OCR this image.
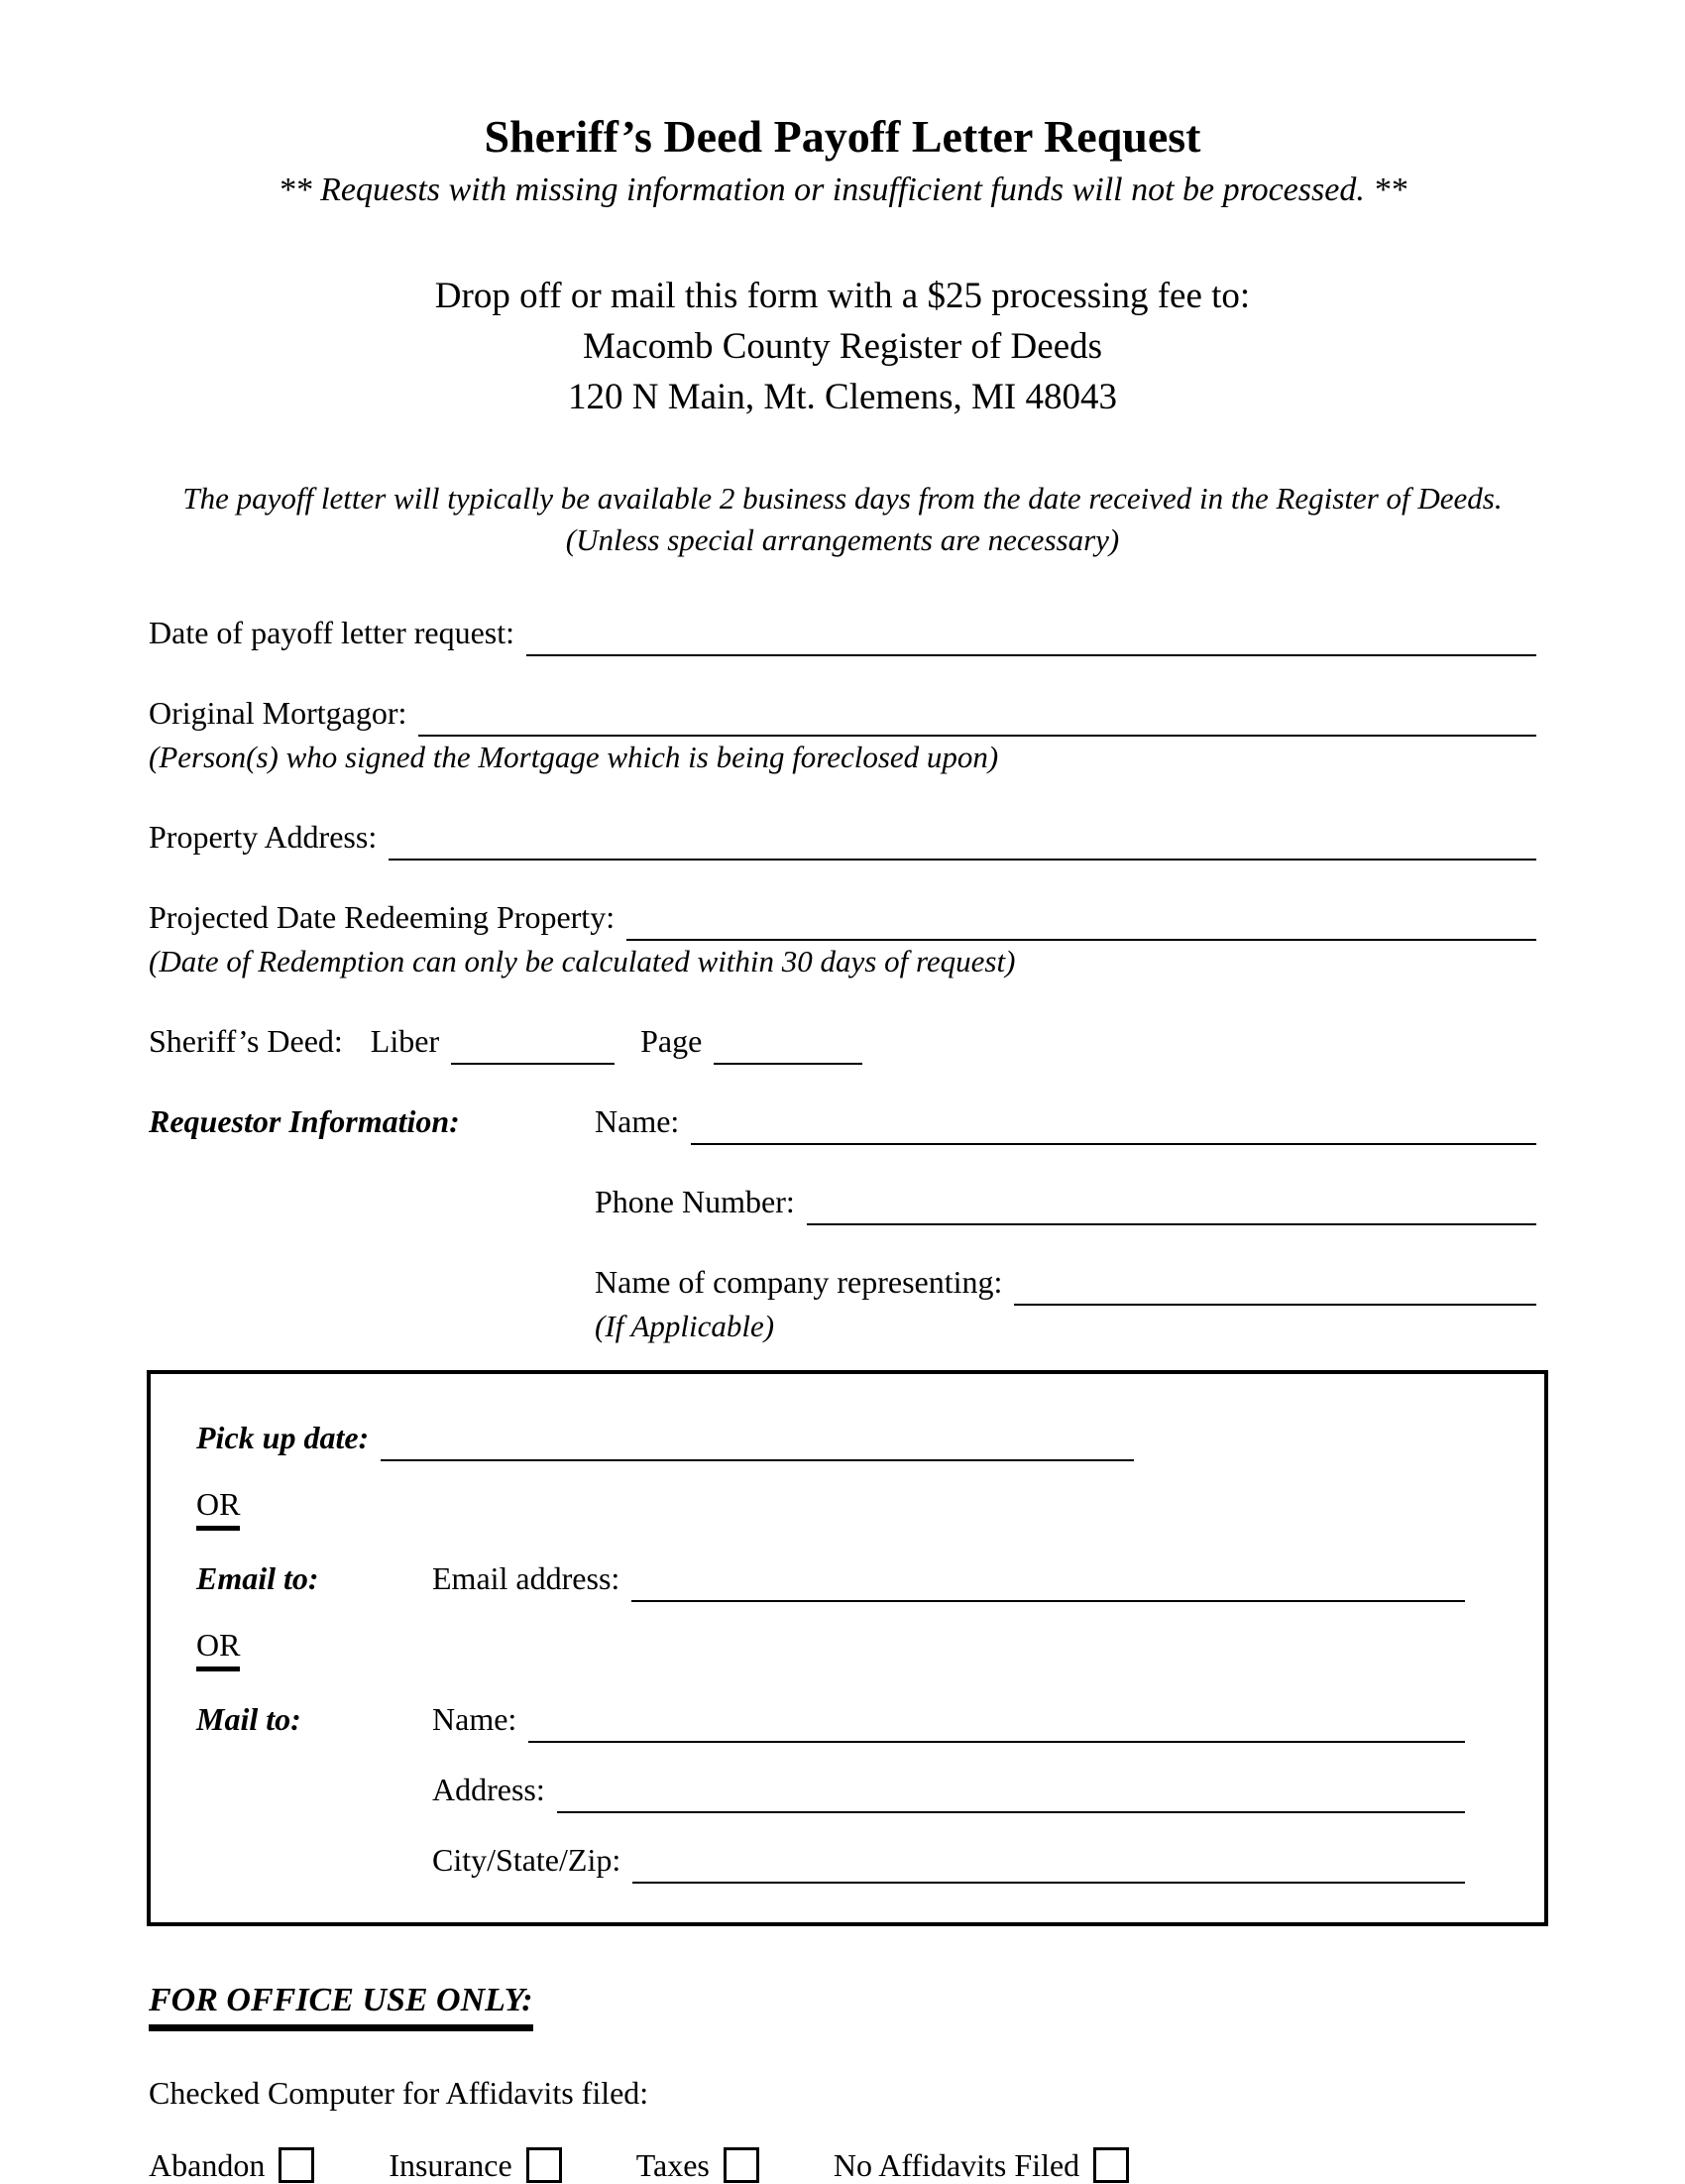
Sheriff’s Deed Payoff Letter Request
** Requests with missing information or insufficient funds will not be processed. **
Drop off or mail this form with a $25 processing fee to:
Macomb County Register of Deeds
120 N Main, Mt. Clemens, MI 48043
The payoff letter will typically be available 2 business days from the date received in the Register of Deeds.
(Unless special arrangements are necessary)
Date of payoff letter request:
Original Mortgagor:
(Person(s) who signed the Mortgage which is being foreclosed upon)
Property Address:
Projected Date Redeeming Property:
(Date of Redemption can only be calculated within 30 days of request)
Sheriff’s Deed: Liber	Page
Requestor Information:	Name:
Phone Number:
Name of company representing:
(If Applicable)
Pick up date:
OR
Email to:	Email address:
OR
Mail to:	Name:
Address:
City/State/Zip:
FOR OFFICE USE ONLY:
Checked Computer for Affidavits filed:
Abandon	Insurance	Taxes	No Affidavits Filed
